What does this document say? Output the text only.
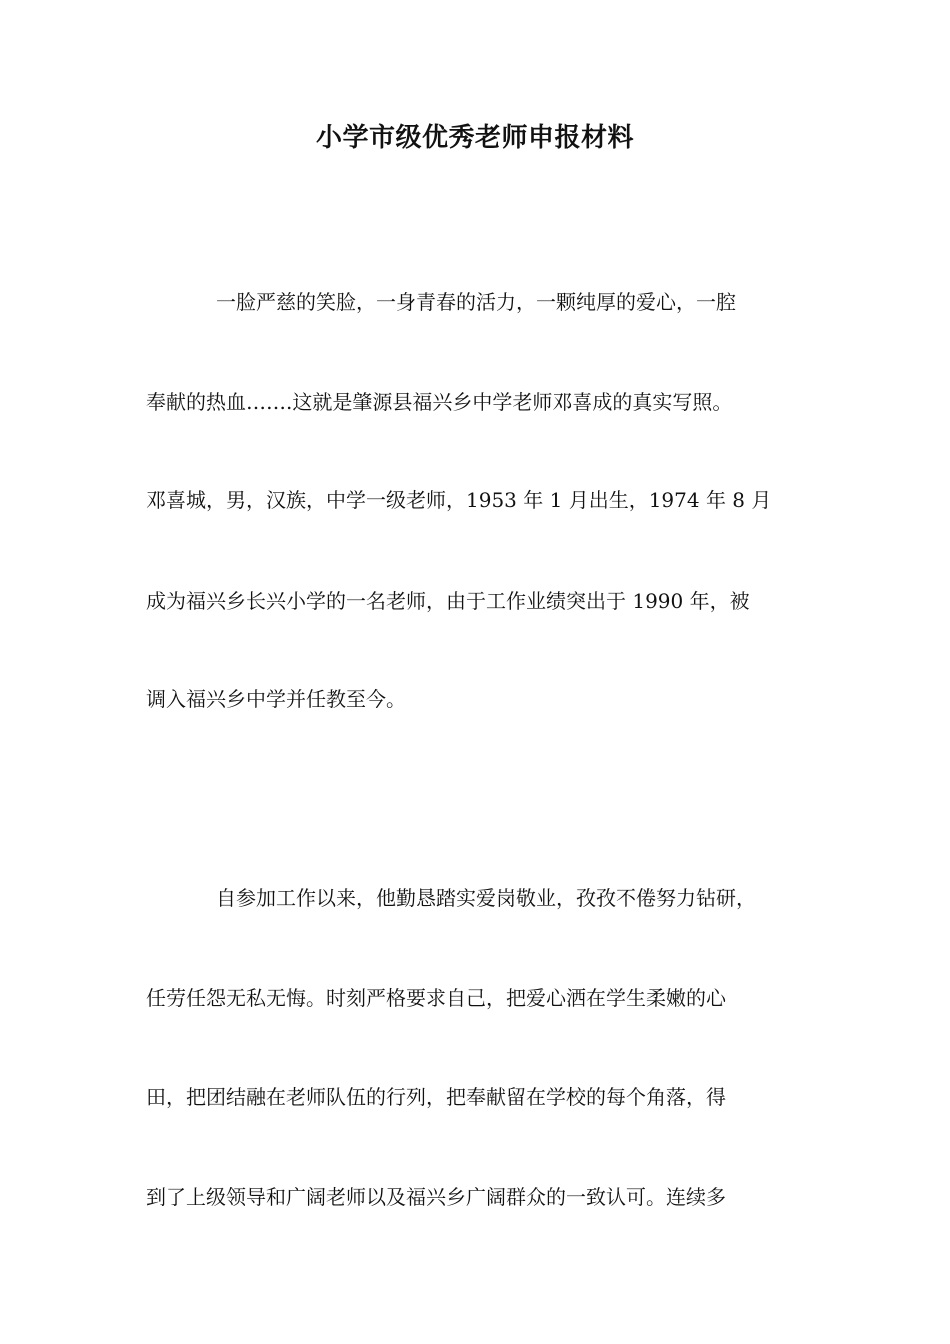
小学市级优秀老师申报材料
一脸严慈的笑脸，一身青春的活力，一颗纯厚的爱心，一腔
奉献的热血…….这就是肇源县福兴乡中学老师邓喜成的真实写照。
邓喜城，男，汉族，中学一级老师，1953 年 1 月出生，1974 年 8 月
成为福兴乡长兴小学的一名老师，由于工作业绩突出于 1990 年，被
调入福兴乡中学并任教至今。
自参加工作以来，他勤恳踏实爱岗敬业，孜孜不倦努力钻研，
任劳任怨无私无悔。时刻严格要求自己，把爱心洒在学生柔嫩的心
田，把团结融在老师队伍的行列，把奉献留在学校的每个角落，得
到了上级领导和广阔老师以及福兴乡广阔群众的一致认可。连续多
